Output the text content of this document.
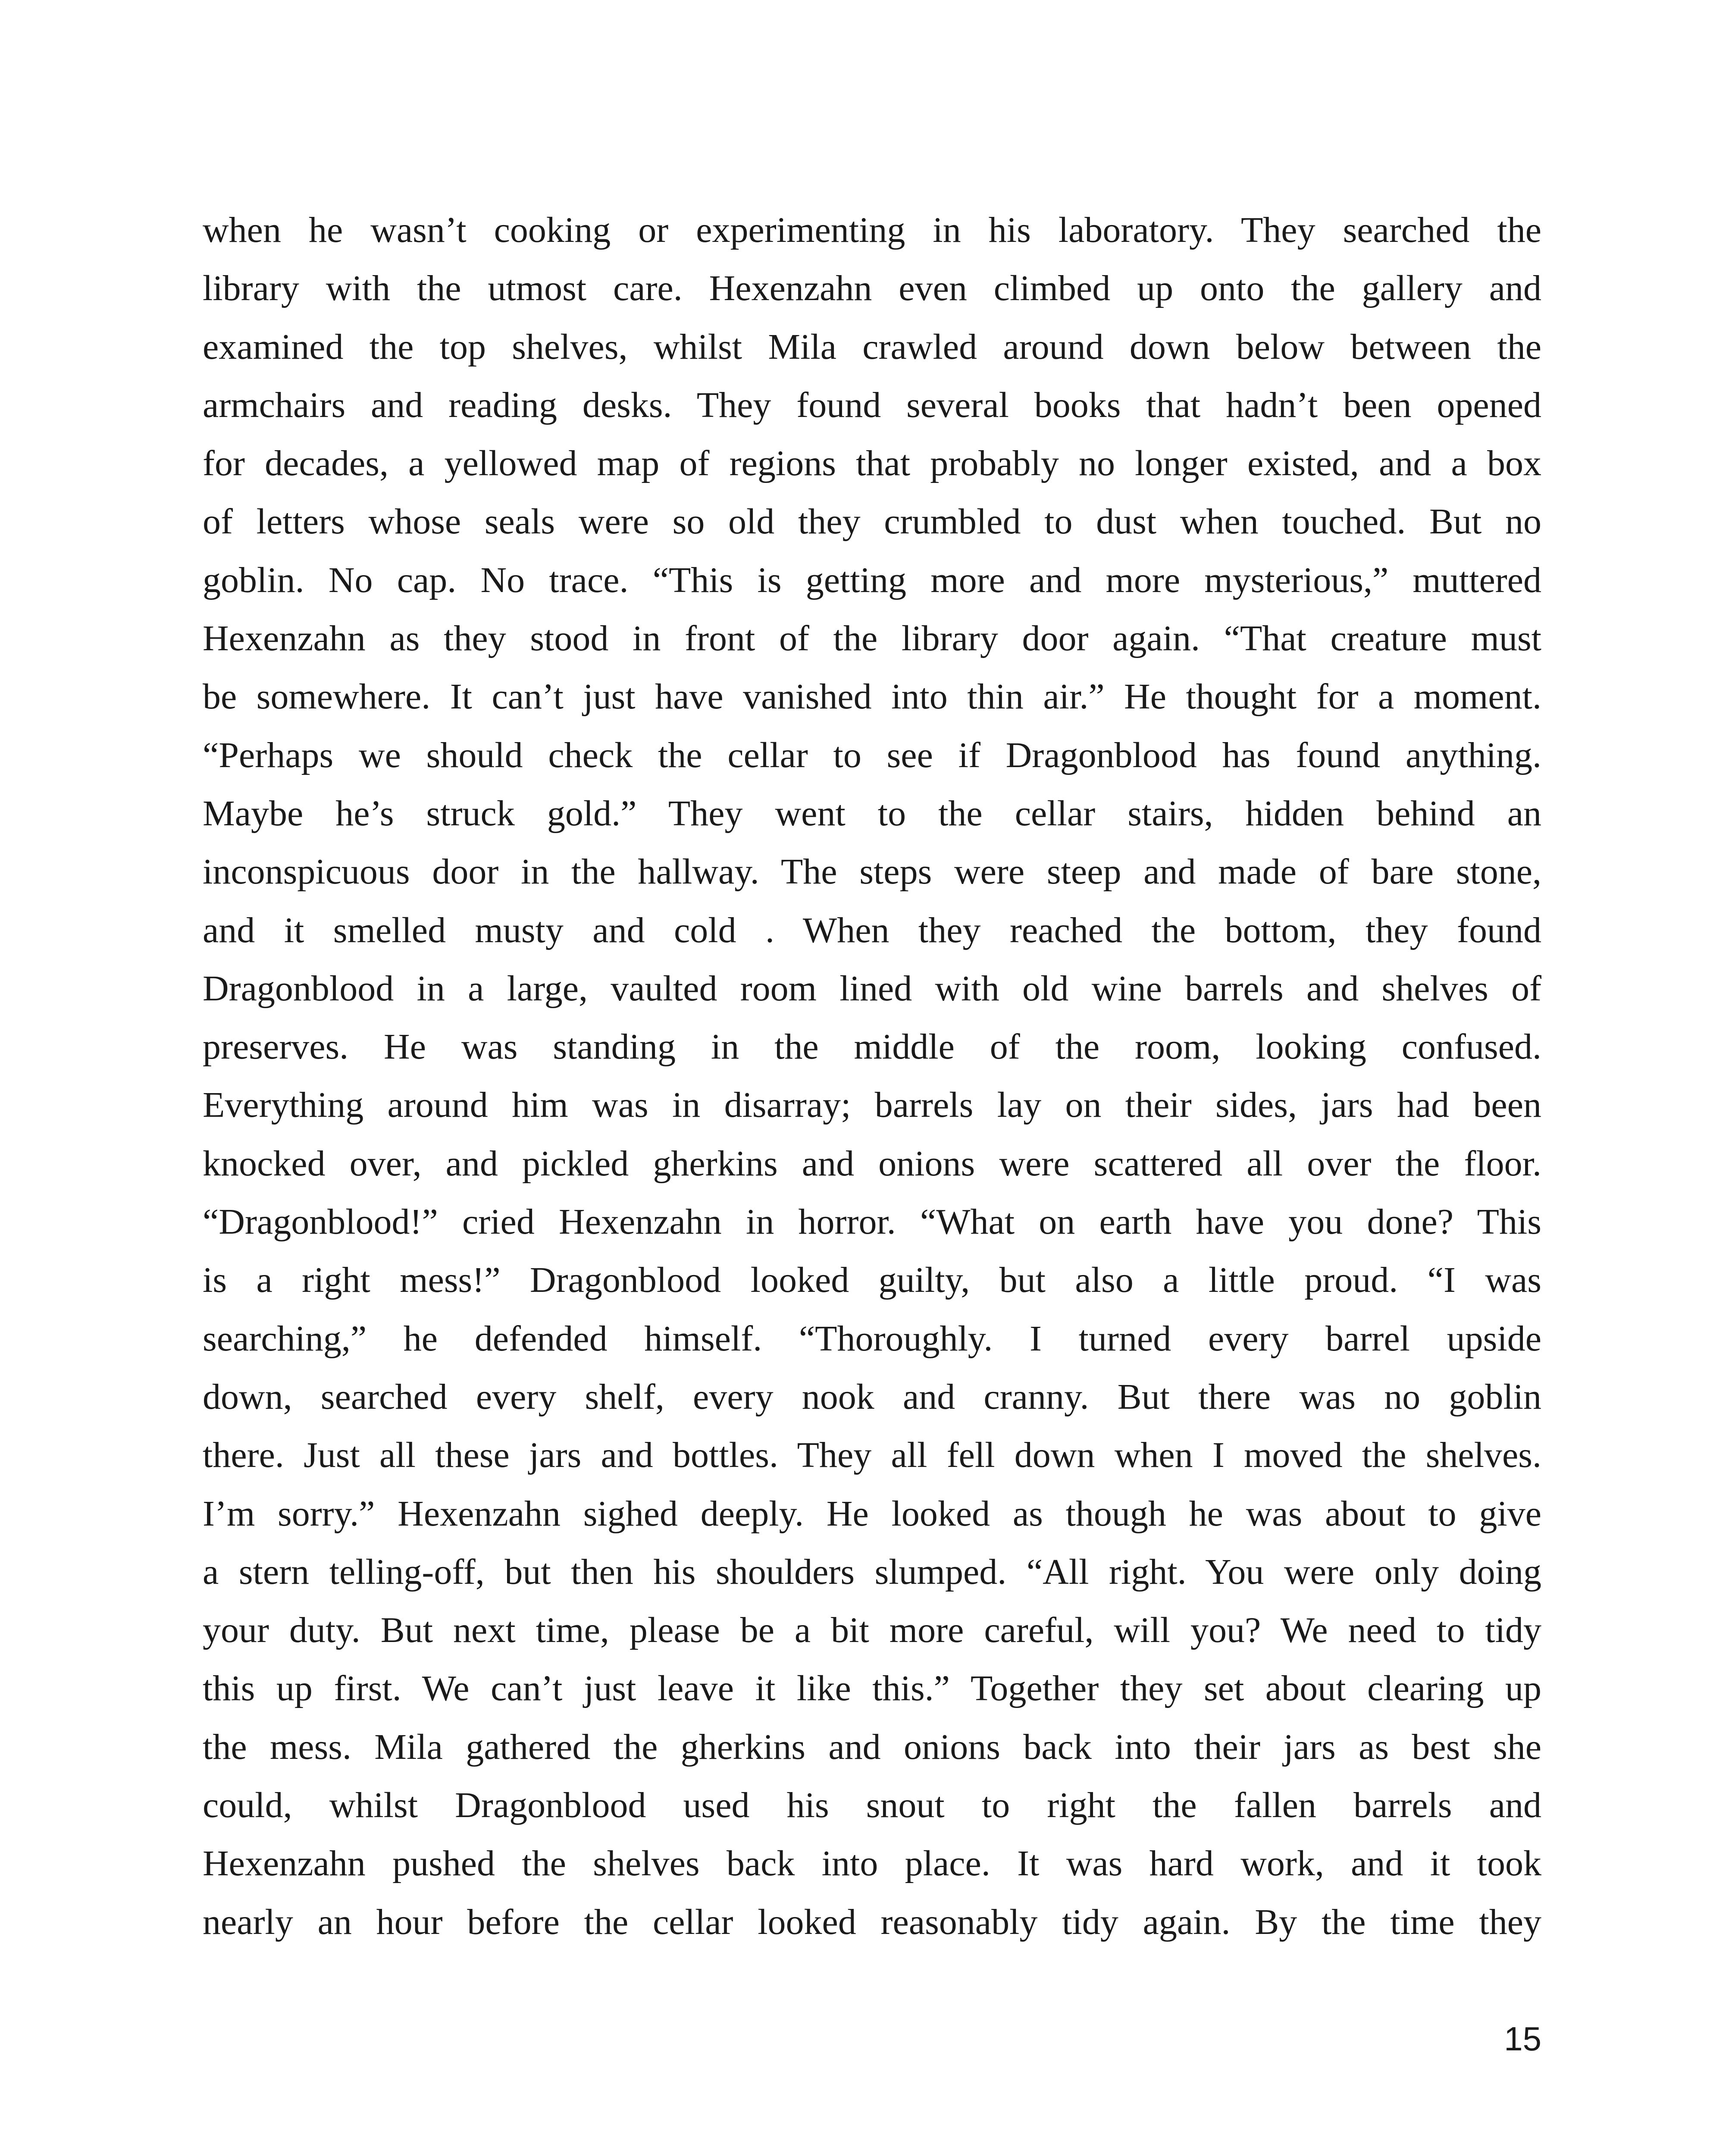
when he wasn’t cooking or experimenting in his laboratory. They searched the
library with the utmost care. Hexenzahn even climbed up onto the gallery and
examined the top shelves, whilst Mila crawled around down below between the
armchairs and reading desks. They found several books that hadn’t been opened
for decades, a yellowed map of regions that probably no longer existed, and a box
of letters whose seals were so old they crumbled to dust when touched. But no
goblin. No cap. No trace. “This is getting more and more mysterious,” muttered
Hexenzahn as they stood in front of the library door again. “That creature must
be somewhere. It can’t just have vanished into thin air.” He thought for a moment.
“Perhaps we should check the cellar to see if Dragonblood has found anything.
Maybe he’s struck gold.” They went to the cellar stairs, hidden behind an
inconspicuous door in the hallway. The steps were steep and made of bare stone,
and it smelled musty and cold . When they reached the bottom, they found
Dragonblood in a large, vaulted room lined with old wine barrels and shelves of
preserves. He was standing in the middle of the room, looking confused.
Everything around him was in disarray; barrels lay on their sides, jars had been
knocked over, and pickled gherkins and onions were scattered all over the floor.
“Dragonblood!” cried Hexenzahn in horror. “What on earth have you done? This
is a right mess!” Dragonblood looked guilty, but also a little proud. “I was
searching,” he defended himself. “Thoroughly. I turned every barrel upside
down, searched every shelf, every nook and cranny. But there was no goblin
there. Just all these jars and bottles. They all fell down when I moved the shelves.
I’m sorry.” Hexenzahn sighed deeply. He looked as though he was about to give
a stern telling-off, but then his shoulders slumped. “All right. You were only doing
your duty. But next time, please be a bit more careful, will you? We need to tidy
this up first. We can’t just leave it like this.” Together they set about clearing up
the mess. Mila gathered the gherkins and onions back into their jars as best she
could, whilst Dragonblood used his snout to right the fallen barrels and
Hexenzahn pushed the shelves back into place. It was hard work, and it took
nearly an hour before the cellar looked reasonably tidy again. By the time they
15
